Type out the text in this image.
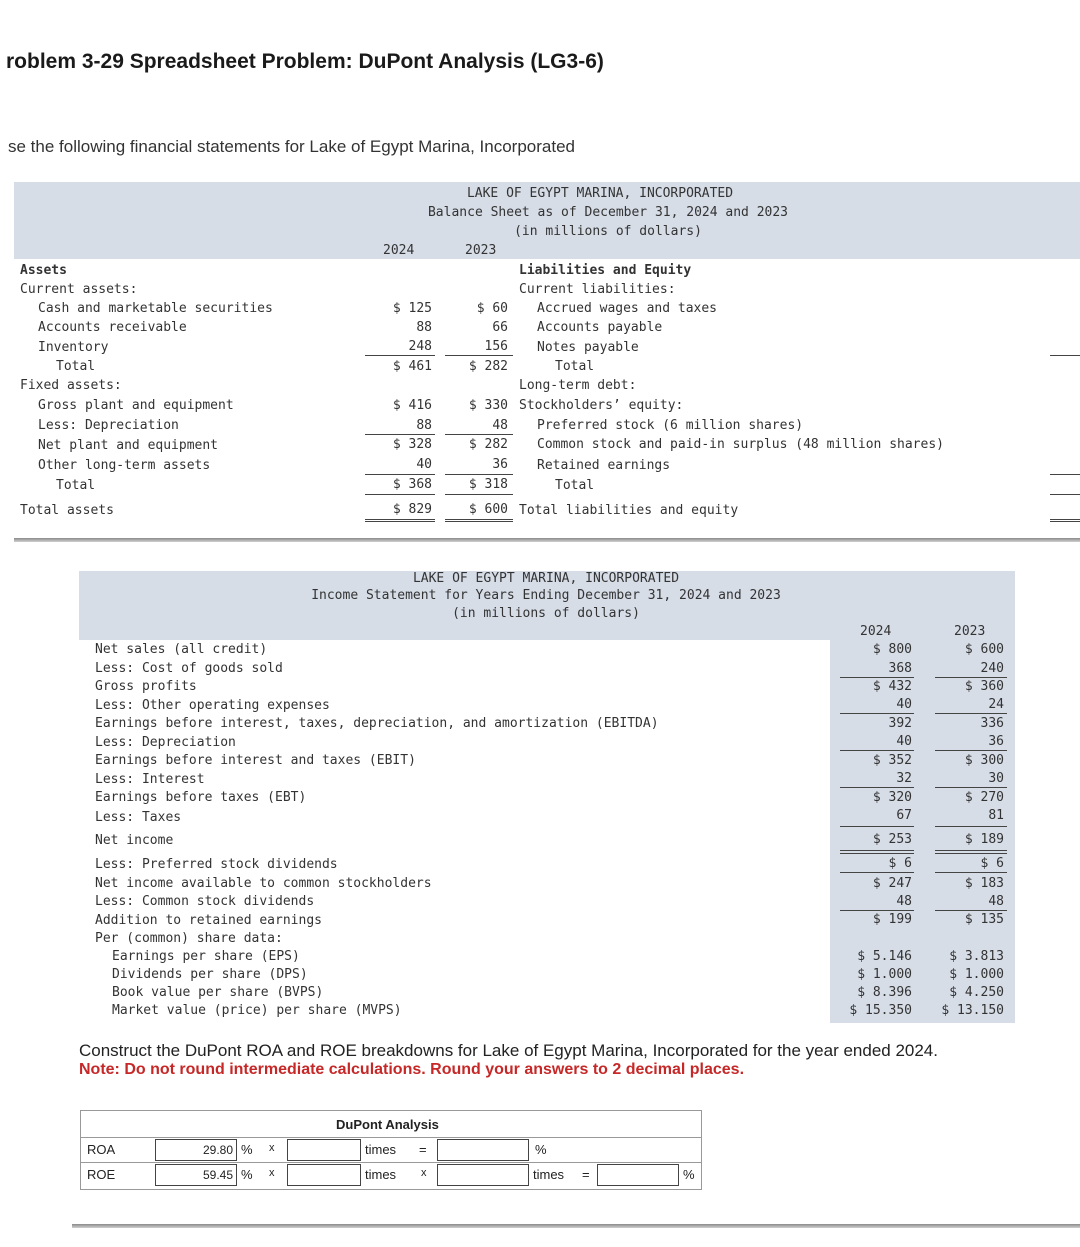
roblem 3-29 Spreadsheet Problem: DuPont Analysis (LG3-6)
se the following financial statements for Lake of Egypt Marina, Incorporated
LAKE OF EGYPT MARINA, INCORPORATED
Balance Sheet as of December 31, 2024 and 2023
(in millions of dollars)
2024	2023
Assets
Current assets:
Cash and marketable securities	$ 125	$ 60
Accounts receivable	88	66
Inventory	248	156
Total	$ 461	$ 282
Fixed assets:
Gross plant and equipment	$ 416	$ 330
Less: Depreciation	88	48
Net plant and equipment	$ 328	$ 282
Other long-term assets	40	36
Total	$ 368	$ 318
Total assets	$ 829	$ 600
Liabilities and Equity
Current liabilities:
Accrued wages and taxes
Accounts payable
Notes payable
Total
Long-term debt:
Stockholders’ equity:
Preferred stock (6 million shares)
Common stock and paid-in surplus (48 million shares)
Retained earnings
Total
Total liabilities and equity
LAKE OF EGYPT MARINA, INCORPORATED
Income Statement for Years Ending December 31, 2024 and 2023
(in millions of dollars)
2024	2023
Net sales (all credit)	$ 800	$ 600
Less: Cost of goods sold	368	240
Gross profits	$ 432	$ 360
Less: Other operating expenses	40	24
Earnings before interest, taxes, depreciation, and amortization (EBITDA)	392	336
Less: Depreciation	40	36
Earnings before interest and taxes (EBIT)	$ 352	$ 300
Less: Interest	32	30
Earnings before taxes (EBT)	$ 320	$ 270
Less: Taxes	67	81
Net income	$ 253	$ 189
Less: Preferred stock dividends	$ 6	$ 6
Net income available to common stockholders	$ 247	$ 183
Less: Common stock dividends	48	48
Addition to retained earnings	$ 199	$ 135
Per (common) share data:
Earnings per share (EPS)	$ 5.146	$ 3.813
Dividends per share (DPS)	$ 1.000	$ 1.000
Book value per share (BVPS)	$ 8.396	$ 4.250
Market value (price) per share (MVPS)	$ 15.350	$ 13.150
Construct the DuPont ROA and ROE breakdowns for Lake of Egypt Marina, Incorporated for the year ended 2024.
Note: Do not round intermediate calculations. Round your answers to 2 decimal places.
DuPont Analysis
ROA	29.80 % x	times =	%
ROE	59.45 % x	times x	times =	%
